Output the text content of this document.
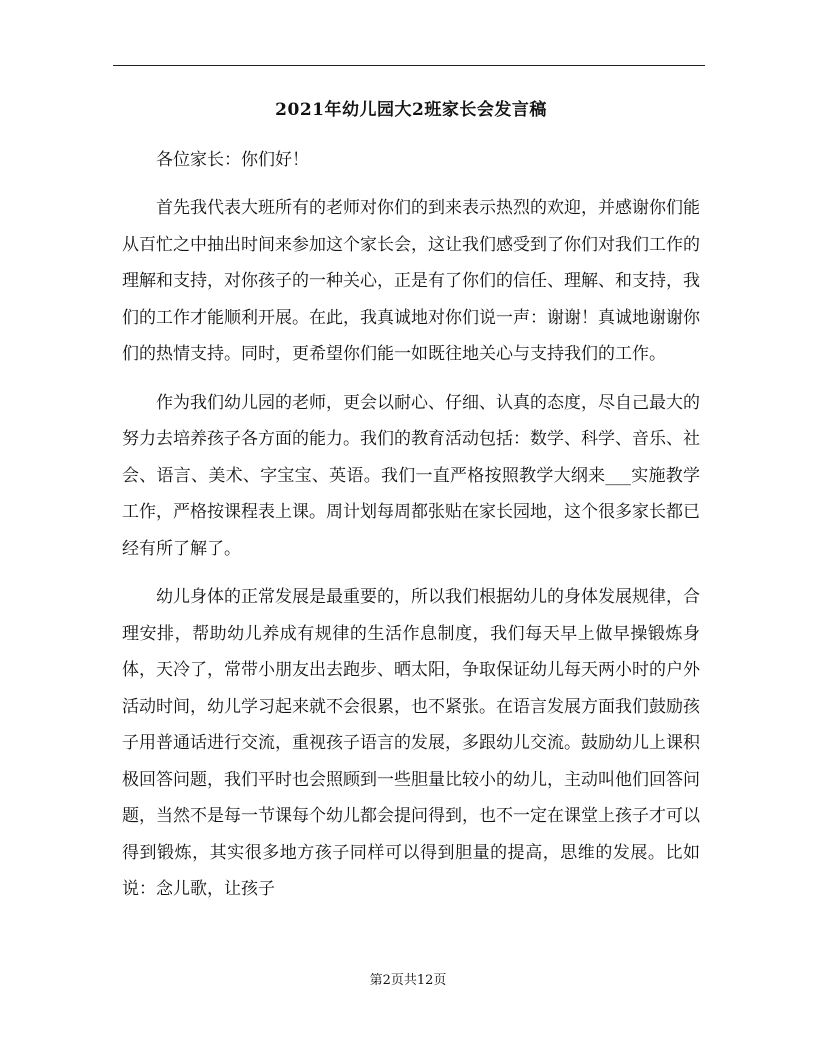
2021年幼儿园大2班家长会发言稿

各位家长：你们好！

首先我代表大班所有的老师对你们的到来表示热烈的欢迎，并感谢你们能从百忙之中抽出时间来参加这个家长会，这让我们感受到了你们对我们工作的理解和支持，对你孩子的一种关心，正是有了你们的信任、理解、和支持，我们的工作才能顺利开展。在此，我真诚地对你们说一声：谢谢！真诚地谢谢你们的热情支持。同时，更希望你们能一如既往地关心与支持我们的工作。

作为我们幼儿园的老师，更会以耐心、仔细、认真的态度，尽自己最大的努力去培养孩子各方面的能力。我们的教育活动包括：数学、科学、音乐、社会、语言、美术、字宝宝、英语。我们一直严格按照教学大纲来___实施教学工作，严格按课程表上课。周计划每周都张贴在家长园地，这个很多家长都已经有所了解了。

幼儿身体的正常发展是最重要的，所以我们根据幼儿的身体发展规律，合理安排，帮助幼儿养成有规律的生活作息制度，我们每天早上做早操锻炼身体，天冷了，常带小朋友出去跑步、晒太阳，争取保证幼儿每天两小时的户外活动时间，幼儿学习起来就不会很累，也不紧张。在语言发展方面我们鼓励孩子用普通话进行交流，重视孩子语言的发展，多跟幼儿交流。鼓励幼儿上课积极回答问题，我们平时也会照顾到一些胆量比较小的幼儿，主动叫他们回答问题，当然不是每一节课每个幼儿都会提问得到，也不一定在课堂上孩子才可以得到锻炼，其实很多地方孩子同样可以得到胆量的提高，思维的发展。比如说：念儿歌，让孩子

第2页共12页
